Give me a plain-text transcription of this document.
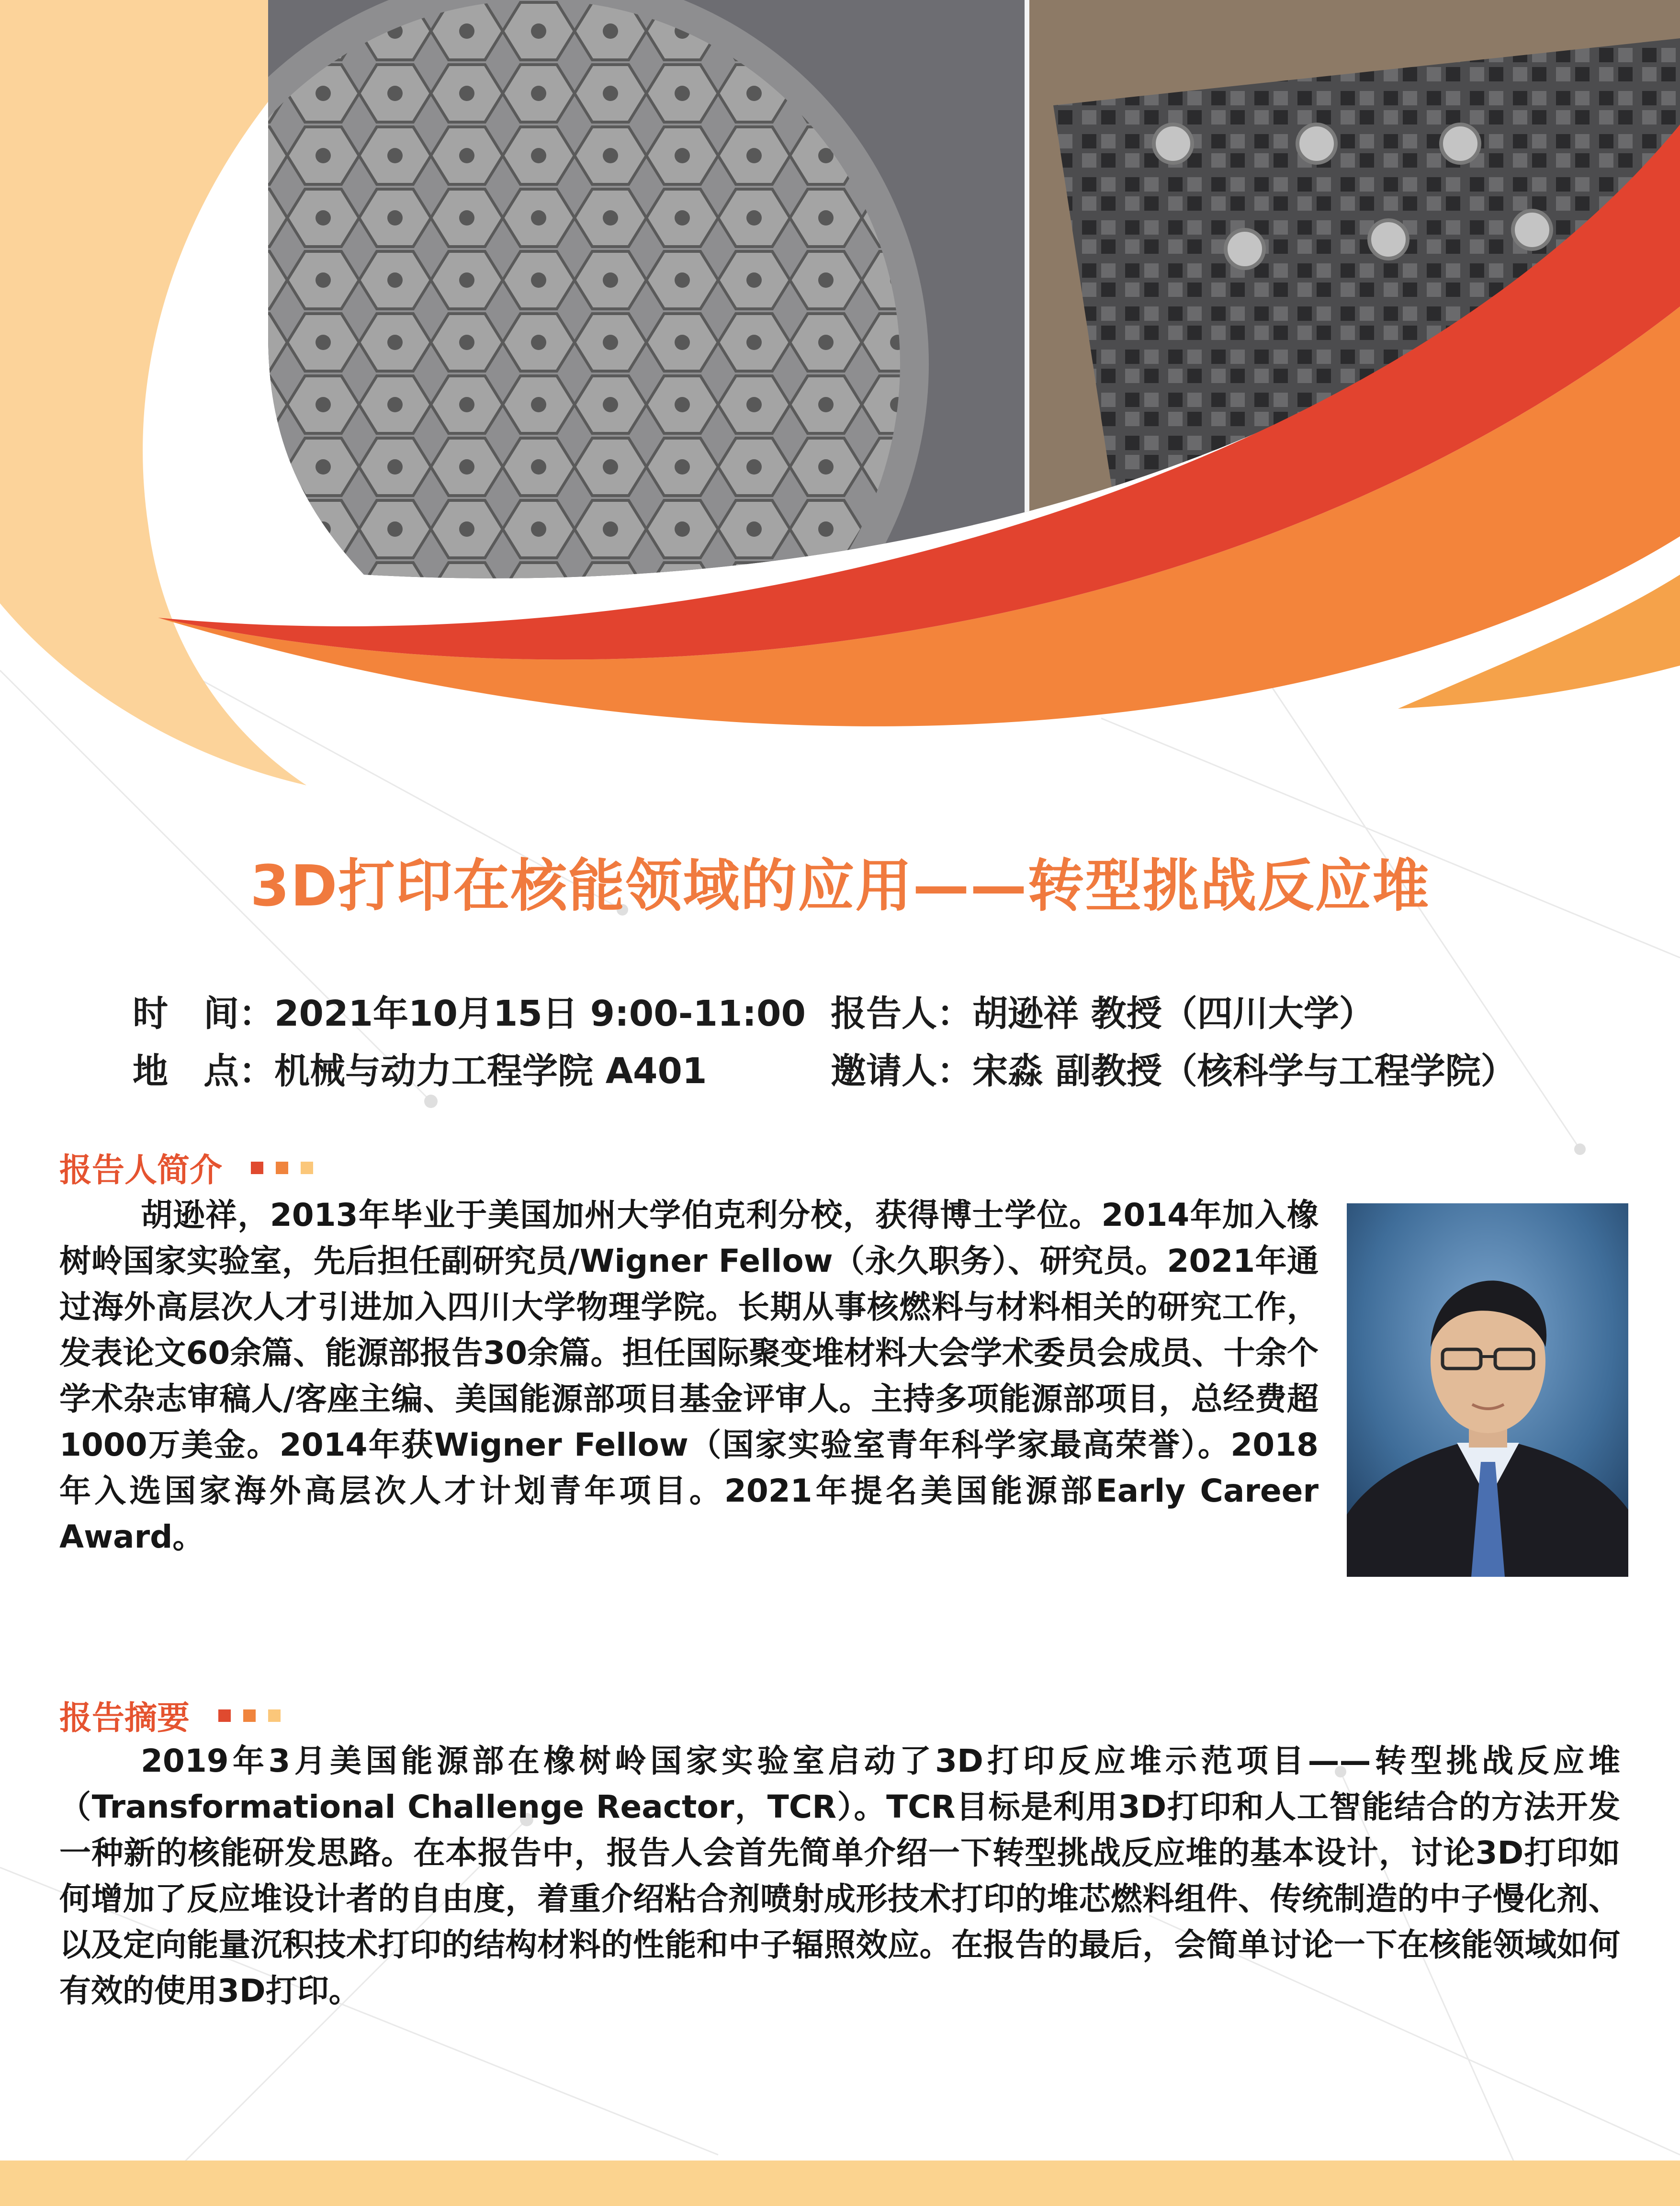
3D打印在核能领域的应用——转型挑战反应堆
时　间：2021年10月15日 9:00-11:00
地　点：机械与动力工程学院 A401
报告人：胡逊祥 教授（四川大学）
邀请人：宋淼 副教授（核科学与工程学院）
报告人简介
胡逊祥，2013年毕业于美国加州大学伯克利分校，获得博士学位。2014年加入橡树岭国家实验室，先后担任副研究员/Wigner Fellow（永久职务）、研究员。2021年通过海外高层次人才引进加入四川大学物理学院。长期从事核燃料与材料相关的研究工作，发表论文60余篇、能源部报告30余篇。担任国际聚变堆材料大会学术委员会成员、十余个学术杂志审稿人/客座主编、美国能源部项目基金评审人。主持多项能源部项目，总经费超1000万美金。2014年获Wigner Fellow（国家实验室青年科学家最高荣誉）。2018年入选国家海外高层次人才计划青年项目。2021年提名美国能源部Early Career Award。
报告摘要
2019年3月美国能源部在橡树岭国家实验室启动了3D打印反应堆示范项目——转型挑战反应堆（Transformational Challenge Reactor，TCR）。TCR目标是利用3D打印和人工智能结合的方法开发一种新的核能研发思路。在本报告中，报告人会首先简单介绍一下转型挑战反应堆的基本设计，讨论3D打印如何增加了反应堆设计者的自由度，着重介绍粘合剂喷射成形技术打印的堆芯燃料组件、传统制造的中子慢化剂、以及定向能量沉积技术打印的结构材料的性能和中子辐照效应。在报告的最后，会简单讨论一下在核能领域如何有效的使用3D打印。
